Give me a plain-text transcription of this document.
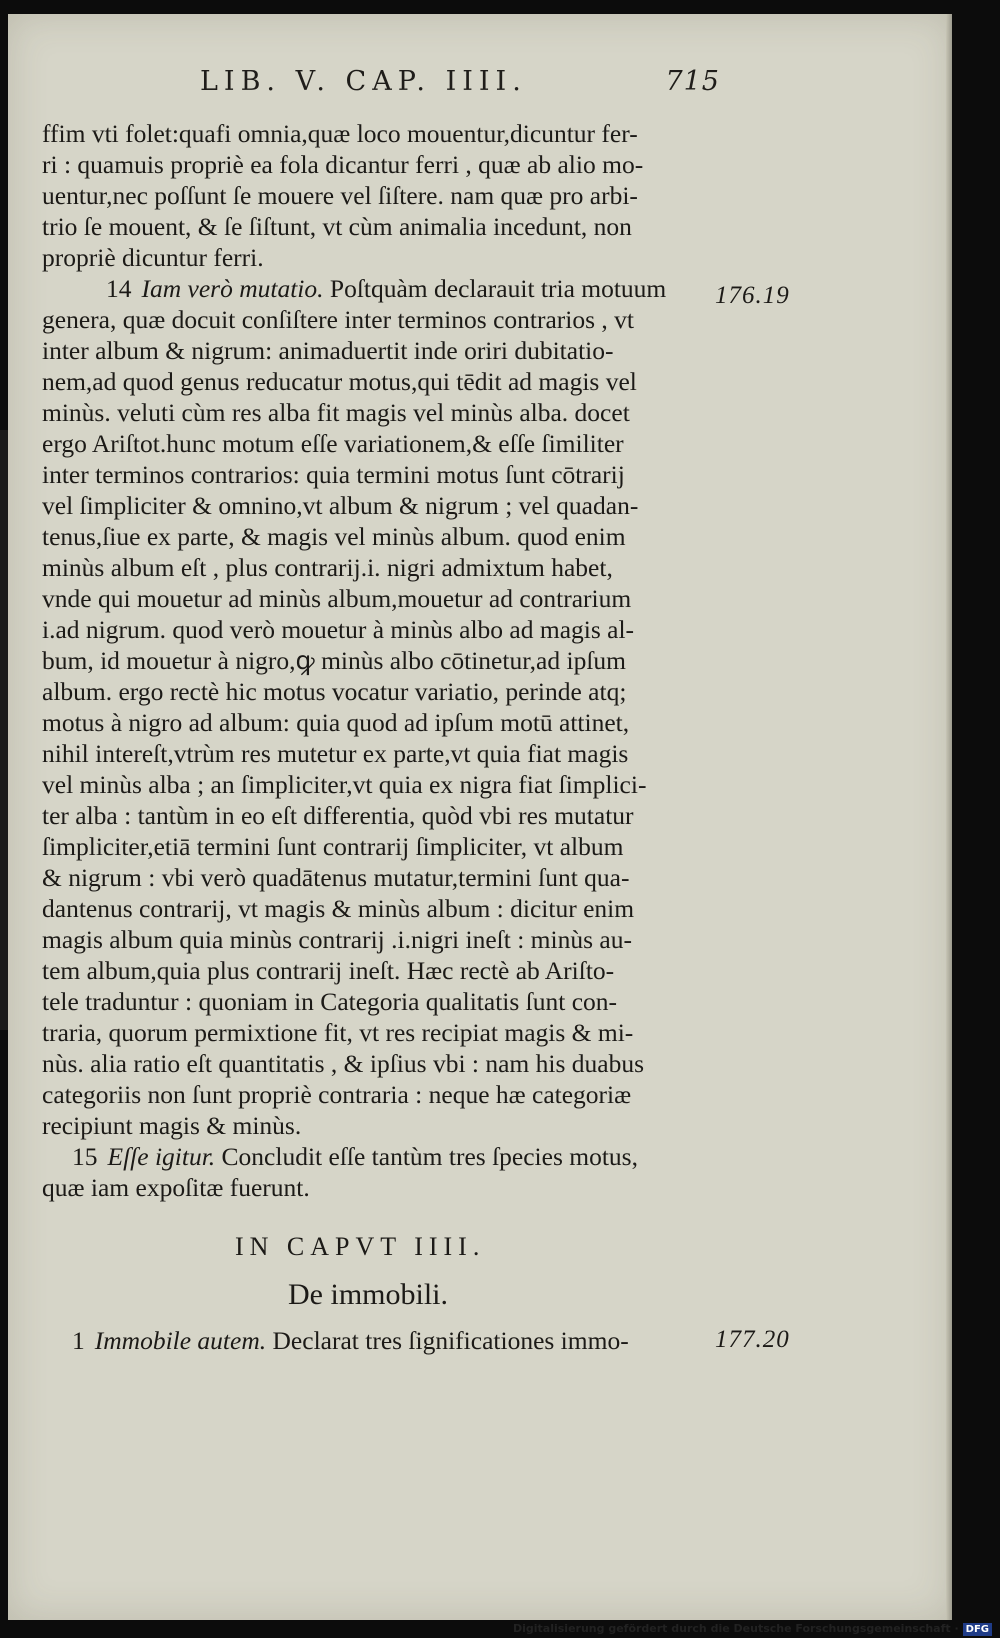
LIB. V. CAP. IIII.	715
ffim vti folet:quafi omnia,quæ loco mouentur,dicuntur fer-
ri : quamuis propriè ea fola dicantur ferri , quæ ab alio mo-
uentur,nec poſſunt ſe mouere vel ſiſtere. nam quæ pro arbi-
trio ſe mouent, & ſe ſiſtunt, vt cùm animalia incedunt, non
propriè dicuntur ferri.
14 Iam verò mutatio. Poſtquàm declarauit tria motuum
genera, quæ docuit conſiſtere inter terminos contrarios , vt
inter album & nigrum: animaduertit inde oriri dubitatio-
nem,ad quod genus reducatur motus,qui tēdit ad magis vel
minùs. veluti cùm res alba fit magis vel minùs alba. docet
ergo Ariſtot.hunc motum eſſe variationem,& eſſe ſimiliter
inter terminos contrarios: quia termini motus ſunt cōtrarij
vel ſimpliciter & omnino,vt album & nigrum ; vel quadan-
tenus,ſiue ex parte, & magis vel minùs album. quod enim
minùs album eſt , plus contrarij.i. nigri admixtum habet,
vnde qui mouetur ad minùs album,mouetur ad contrarium
i.ad nigrum. quod verò mouetur à minùs albo ad magis al-
bum, id mouetur à nigro,ꝙ minùs albo cōtinetur,ad ipſum
album. ergo rectè hic motus vocatur variatio, perinde atq;
motus à nigro ad album: quia quod ad ipſum motū attinet,
nihil intereſt,vtrùm res mutetur ex parte,vt quia fiat magis
vel minùs alba ; an ſimpliciter,vt quia ex nigra fiat ſimplici-
ter alba : tantùm in eo eſt differentia, quòd vbi res mutatur
ſimpliciter,etiā termini ſunt contrarij ſimpliciter, vt album
& nigrum : vbi verò quadātenus mutatur,termini ſunt qua-
dantenus contrarij, vt magis & minùs album : dicitur enim
magis album quia minùs contrarij .i.nigri ineſt : minùs au-
tem album,quia plus contrarij ineſt. Hæc rectè ab Ariſto-
tele traduntur : quoniam in Categoria qualitatis ſunt con-
traria, quorum permixtione fit, vt res recipiat magis & mi-
nùs. alia ratio eſt quantitatis , & ipſius vbi : nam his duabus
categoriis non ſunt propriè contraria : neque hæ categoriæ
recipiunt magis & minùs.
15 Eſſe igitur. Concludit eſſe tantùm tres ſpecies motus,
quæ iam expoſitæ fuerunt.
176.19
IN CAPVT IIII.
De immobili.
1 Immobile autem. Declarat tres ſignificationes immo-	177.20
Digitalisierung gefördert durch die Deutsche Forschungsgemeinschaft · DFG
